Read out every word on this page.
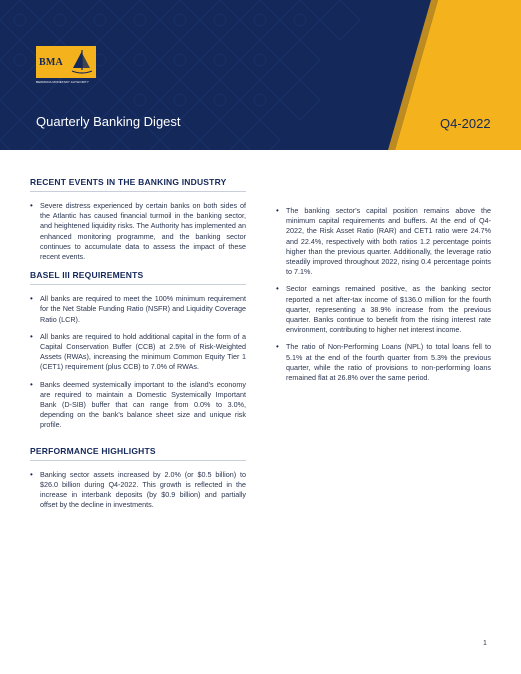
BMA
BERMUDA MONETARY AUTHORITY
Quarterly Banking Digest	Q4-2022
RECENT EVENTS IN THE BANKING INDUSTRY
• Severe distress experienced by certain banks on both sides of the Atlantic has caused financial turmoil in the banking sector, and heightened liquidity risks. The Authority has implemented an enhanced monitoring programme, and the banking sector continues to accumulate data to assess the impact of these recent events.
BASEL III REQUIREMENTS
• All banks are required to meet the 100% minimum requirement for the Net Stable Funding Ratio (NSFR) and Liquidity Coverage Ratio (LCR).
• All banks are required to hold additional capital in the form of a Capital Conservation Buffer (CCB) at 2.5% of Risk-Weighted Assets (RWAs), increasing the minimum Common Equity Tier 1 (CET1) requirement (plus CCB) to 7.0% of RWAs.
• Banks deemed systemically important to the island's economy are required to maintain a Domestic Systemically Important Bank (D-SIB) buffer that can range from 0.0% to 3.0%, depending on the bank's balance sheet size and unique risk profile.
PERFORMANCE HIGHLIGHTS
• Banking sector assets increased by 2.0% (or $0.5 billion) to $26.0 billion during Q4-2022. This growth is reflected in the increase in interbank deposits (by $0.9 billion) and partially offset by the decline in investments.
• The banking sector's capital position remains above the minimum capital requirements and buffers. At the end of Q4-2022, the Risk Asset Ratio (RAR) and CET1 ratio were 24.7% and 22.4%, respectively with both ratios 1.2 percentage points higher than the previous quarter. Additionally, the leverage ratio steadily improved throughout 2022, rising 0.4 percentage points to 7.1%.
• Sector earnings remained positive, as the banking sector reported a net after-tax income of $136.0 million for the fourth quarter, representing a 38.9% increase from the previous quarter. Banks continue to benefit from the rising interest rate environment, contributing to higher net interest income.
• The ratio of Non-Performing Loans (NPL) to total loans fell to 5.1% at the end of the fourth quarter from 5.3% the previous quarter, while the ratio of provisions to non-performing loans remained flat at 26.8% over the same period.
1
